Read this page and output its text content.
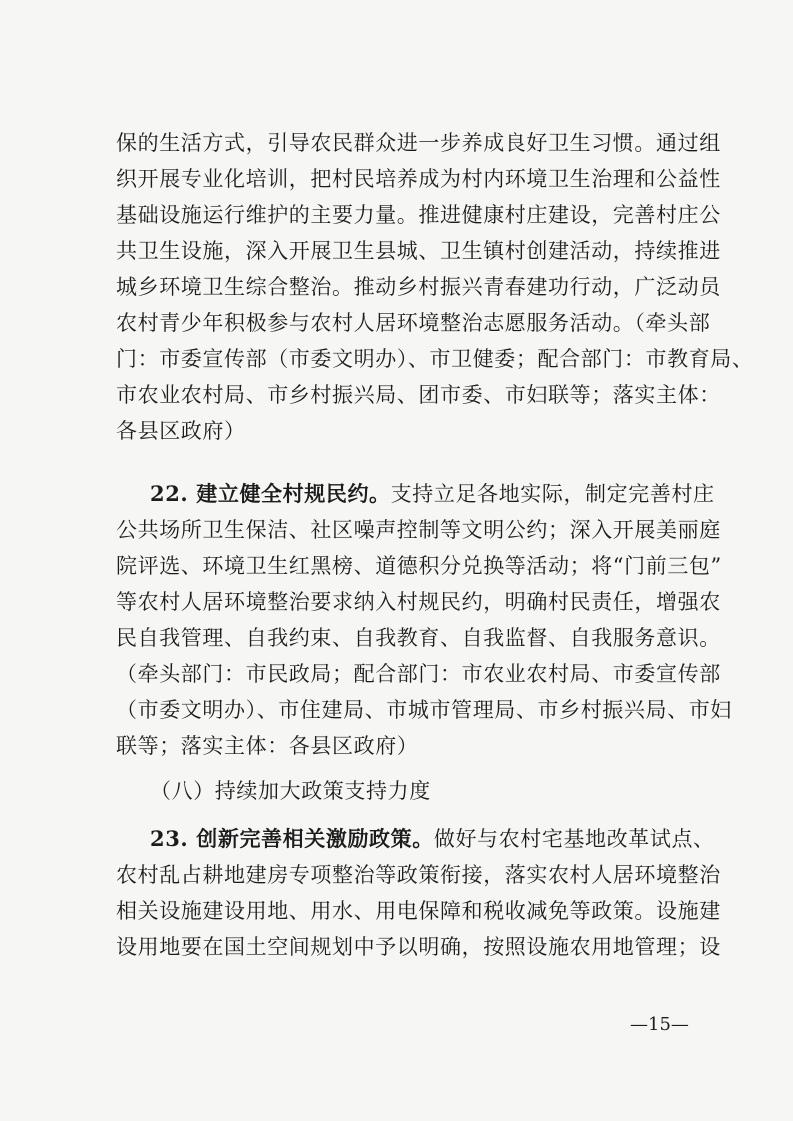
保的生活方式，引导农民群众进一步养成良好卫生习惯。通过组
织开展专业化培训，把村民培养成为村内环境卫生治理和公益性
基础设施运行维护的主要力量。推进健康村庄建设，完善村庄公
共卫生设施，深入开展卫生县城、卫生镇村创建活动，持续推进
城乡环境卫生综合整治。推动乡村振兴青春建功行动，广泛动员
农村青少年积极参与农村人居环境整治志愿服务活动。（牵头部
门：市委宣传部（市委文明办）、市卫健委；配合部门：市教育局、
市农业农村局、市乡村振兴局、团市委、市妇联等；落实主体：
各县区政府）
22. 建立健全村规民约。支持立足各地实际，制定完善村庄
公共场所卫生保洁、社区噪声控制等文明公约；深入开展美丽庭
院评选、环境卫生红黑榜、道德积分兑换等活动；将“门前三包”
等农村人居环境整治要求纳入村规民约，明确村民责任，增强农
民自我管理、自我约束、自我教育、自我监督、自我服务意识。
（牵头部门：市民政局；配合部门：市农业农村局、市委宣传部
（市委文明办）、市住建局、市城市管理局、市乡村振兴局、市妇
联等；落实主体：各县区政府）
（八）持续加大政策支持力度
23. 创新完善相关激励政策。做好与农村宅基地改革试点、
农村乱占耕地建房专项整治等政策衔接，落实农村人居环境整治
相关设施建设用地、用水、用电保障和税收减免等政策。设施建
设用地要在国土空间规划中予以明确，按照设施农用地管理；设
—15—
